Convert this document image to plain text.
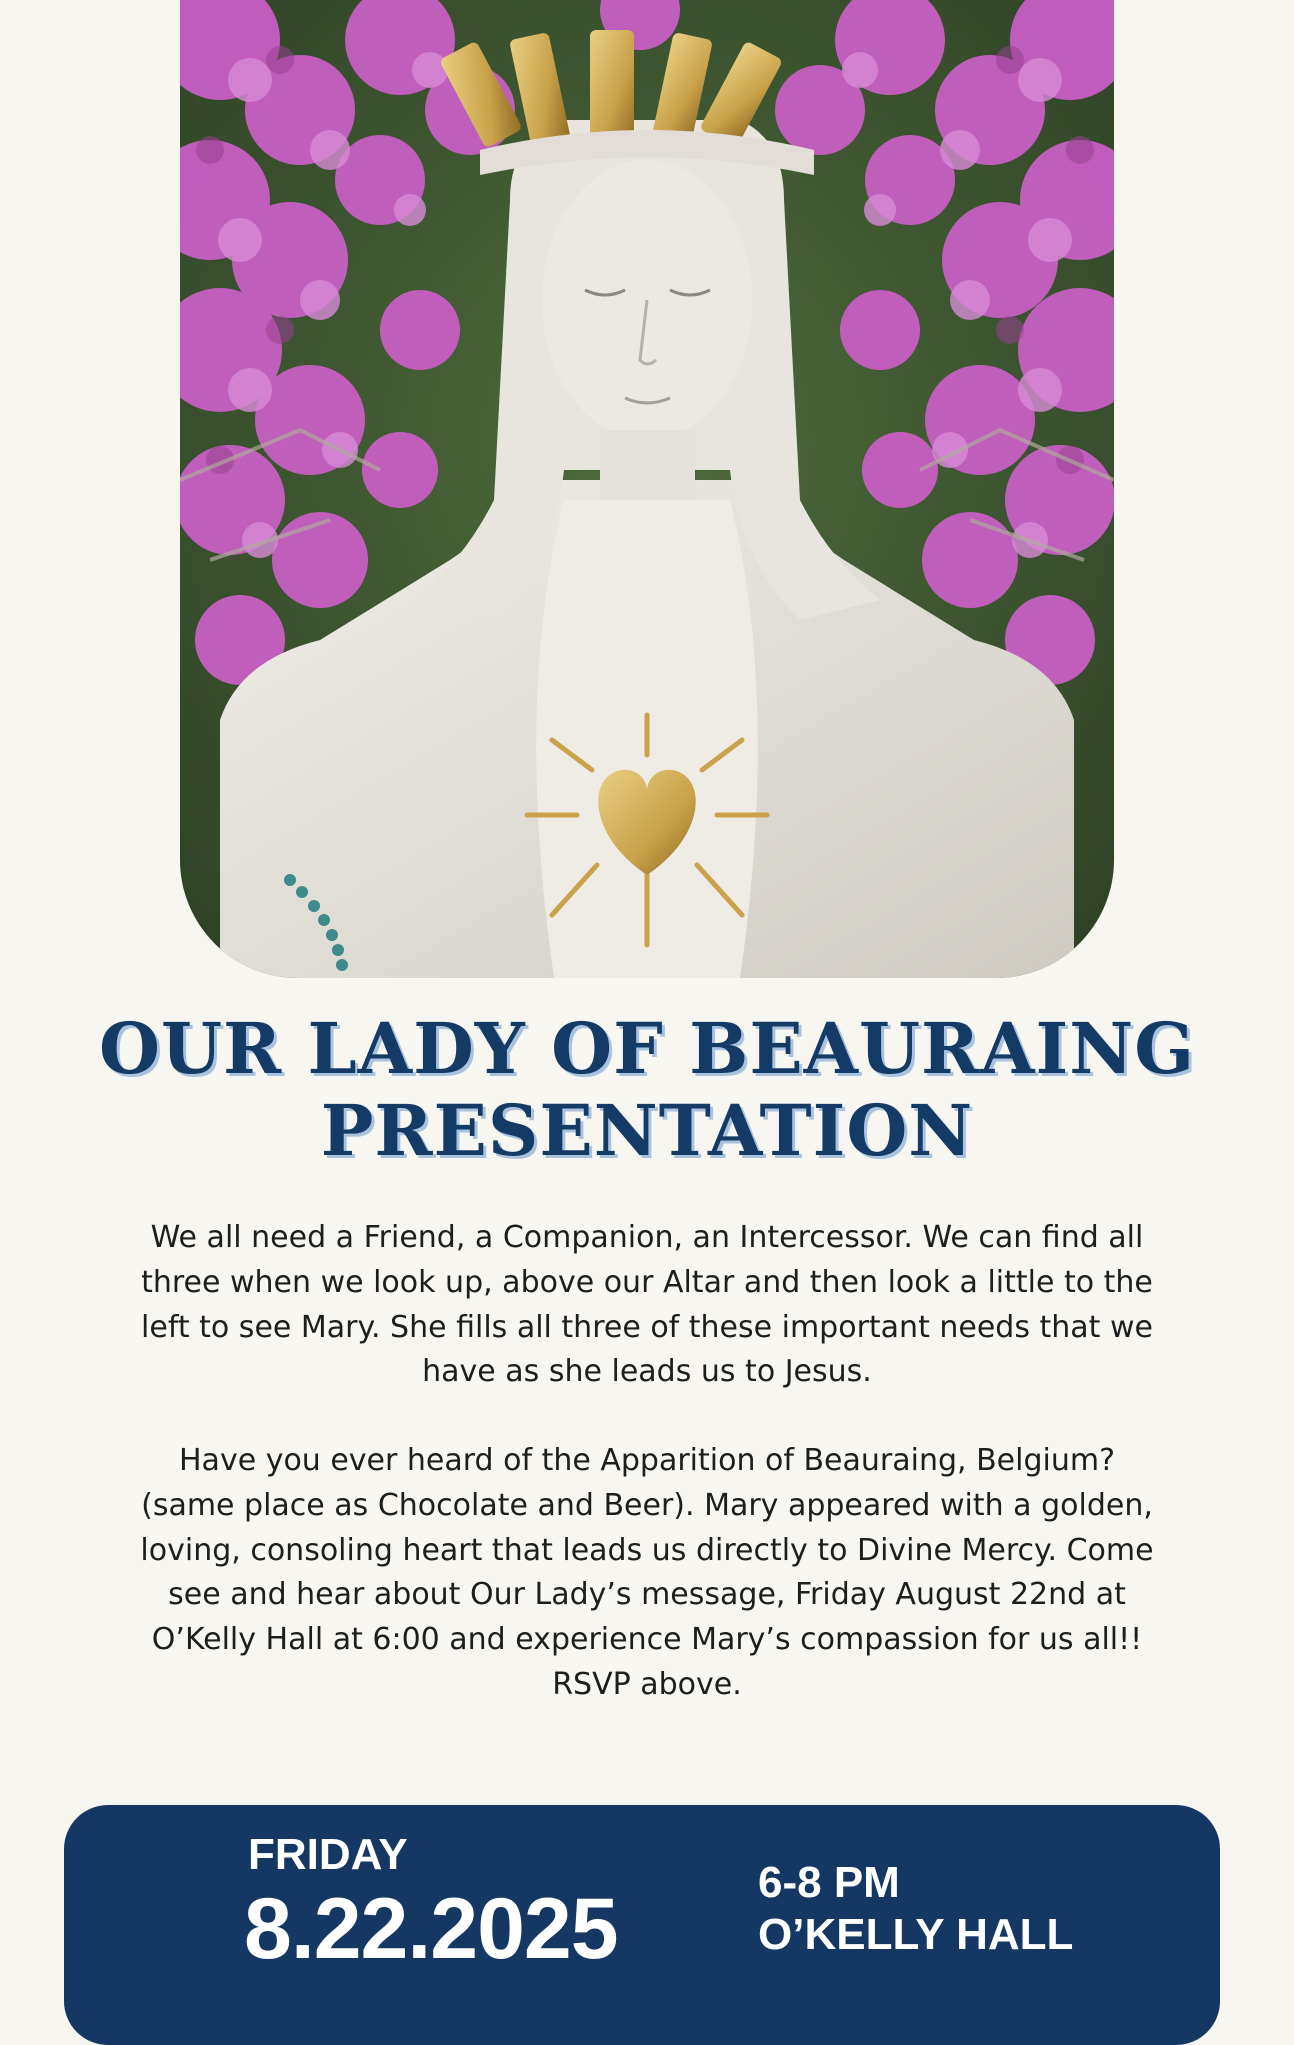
OUR LADY OF BEAURAING
PRESENTATION
We all need a Friend, a Companion, an Intercessor. We can find all three when we look up, above our Altar and then look a little to the left to see Mary. She fills all three of these important needs that we have as she leads us to Jesus.
Have you ever heard of the Apparition of Beauraing, Belgium? (same place as Chocolate and Beer). Mary appeared with a golden, loving, consoling heart that leads us directly to Divine Mercy. Come see and hear about Our Lady’s message, Friday August 22nd at O’Kelly Hall at 6:00 and experience Mary’s compassion for us all!! RSVP above.
FRIDAY
8.22.2025	6-8 PM
O’KELLY HALL
